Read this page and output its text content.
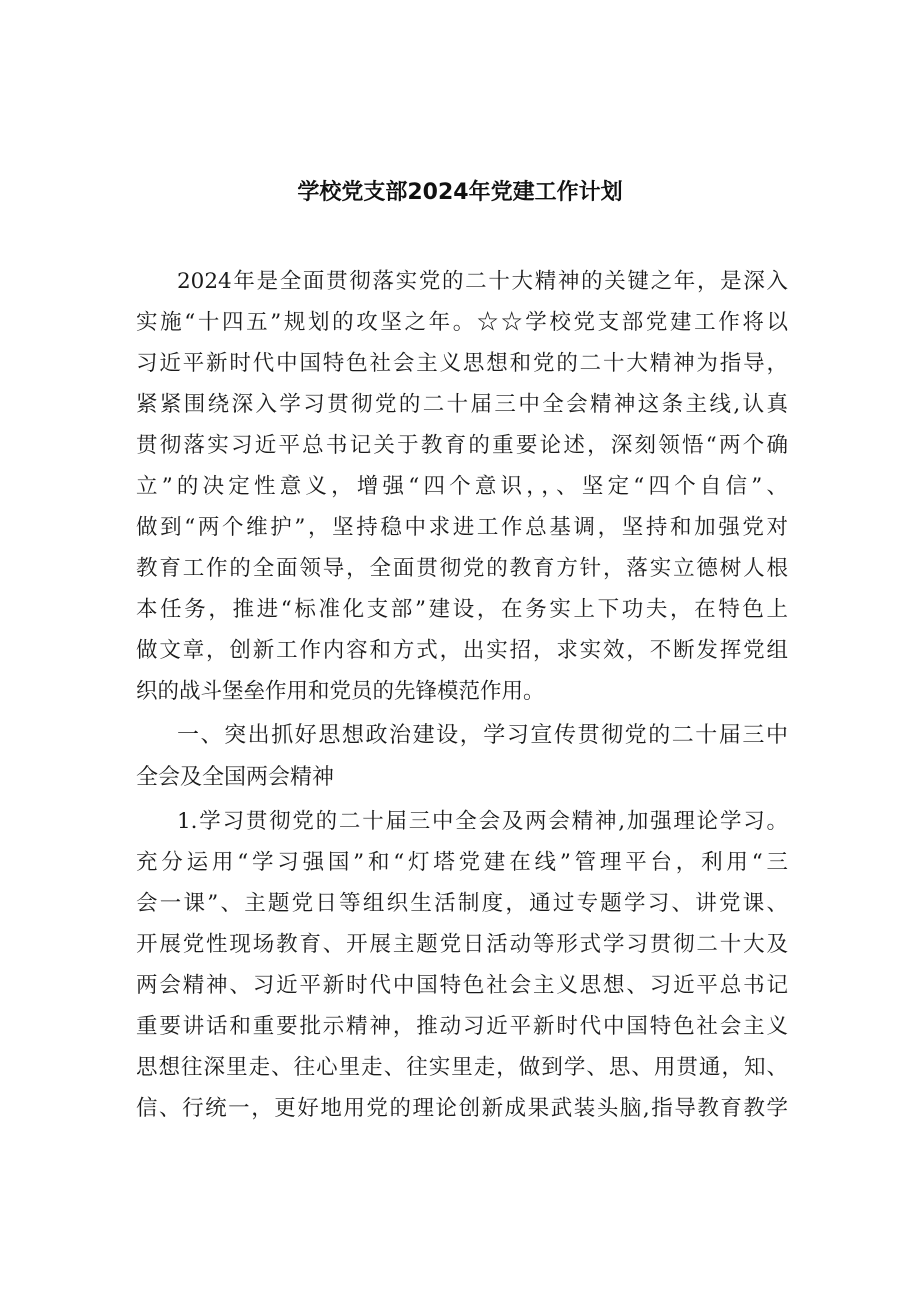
学校党支部2024年党建工作计划
2024年是全面贯彻落实党的二十大精神的关键之年，是深入
实施“十四五”规划的攻坚之年。☆☆学校党支部党建工作将以
习近平新时代中国特色社会主义思想和党的二十大精神为指导，
紧紧围绕深入学习贯彻党的二十届三中全会精神这条主线,认真
贯彻落实习近平总书记关于教育的重要论述，深刻领悟“两个确
立”的决定性意义，增强“四个意识，，、坚定“四个自信”、
做到“两个维护”，坚持稳中求进工作总基调，坚持和加强党对
教育工作的全面领导，全面贯彻党的教育方针，落实立德树人根
本任务，推进“标准化支部”建设，在务实上下功夫，在特色上
做文章，创新工作内容和方式，出实招，求实效，不断发挥党组
织的战斗堡垒作用和党员的先锋模范作用。
一、突出抓好思想政治建设，学习宣传贯彻党的二十届三中
全会及全国两会精神
1.学习贯彻党的二十届三中全会及两会精神,加强理论学习。
充分运用“学习强国”和“灯塔党建在线”管理平台，利用“三
会一课”、主题党日等组织生活制度，通过专题学习、讲党课、
开展党性现场教育、开展主题党日活动等形式学习贯彻二十大及
两会精神、习近平新时代中国特色社会主义思想、习近平总书记
重要讲话和重要批示精神，推动习近平新时代中国特色社会主义
思想往深里走、往心里走、往实里走，做到学、思、用贯通，知、
信、行统一，更好地用党的理论创新成果武装头脑,指导教育教学
